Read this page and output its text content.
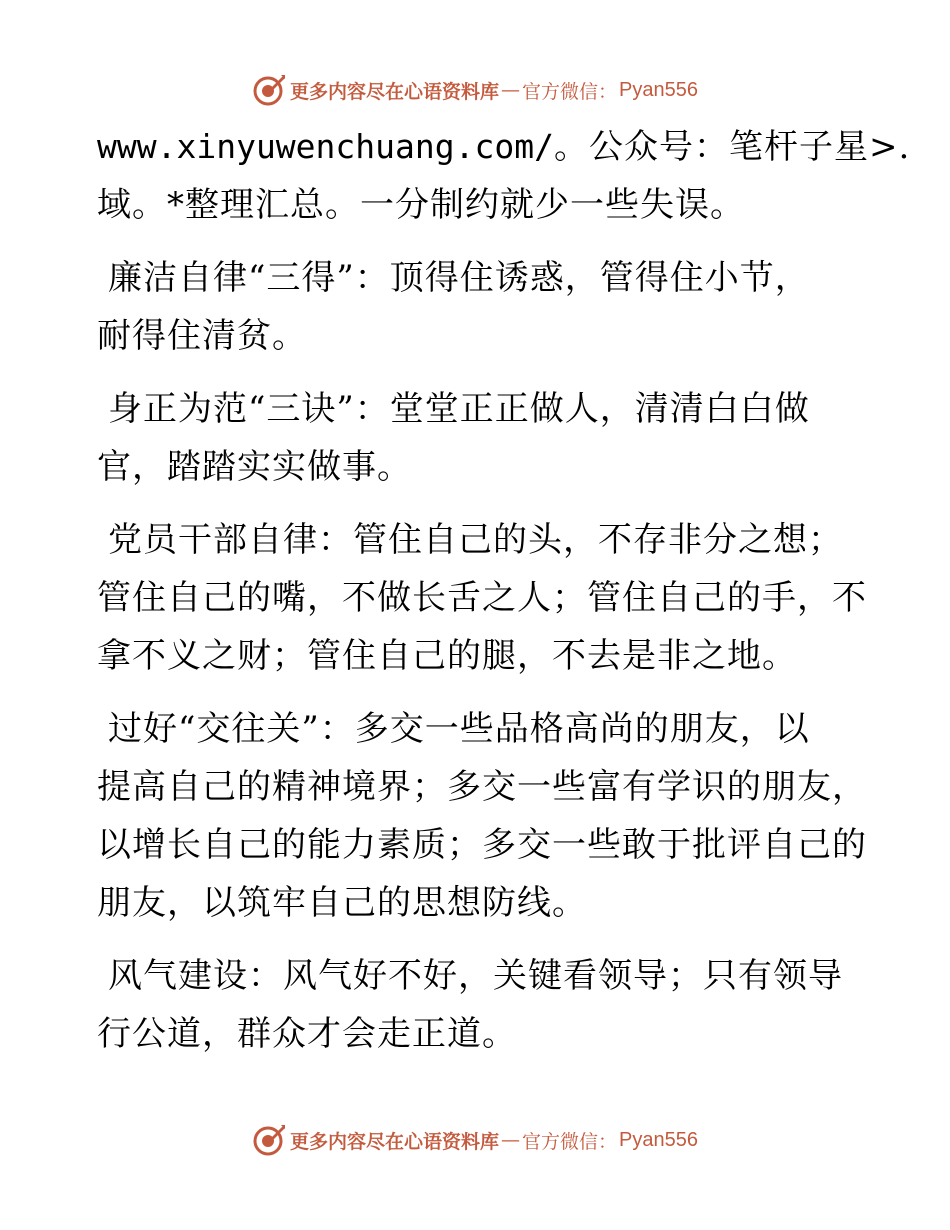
更多内容尽在心语资料库 — 官方微信： Pyan556
www.xinyuwenchuang.com/。公众号：笔杆子星>.
域。*整理汇总。一分制约就少一些失误。
廉洁自律“三得”：顶得住诱惑，管得住小节，
耐得住清贫。
身正为范“三诀”：堂堂正正做人，清清白白做
官，踏踏实实做事。
党员干部自律：管住自己的头，不存非分之想；
管住自己的嘴，不做长舌之人；管住自己的手，不
拿不义之财；管住自己的腿，不去是非之地。
过好“交往关”：多交一些品格高尚的朋友，以
提高自己的精神境界；多交一些富有学识的朋友，
以增长自己的能力素质；多交一些敢于批评自己的
朋友，以筑牢自己的思想防线。
风气建设：风气好不好，关键看领导；只有领导
行公道，群众才会走正道。
更多内容尽在心语资料库 — 官方微信： Pyan556
